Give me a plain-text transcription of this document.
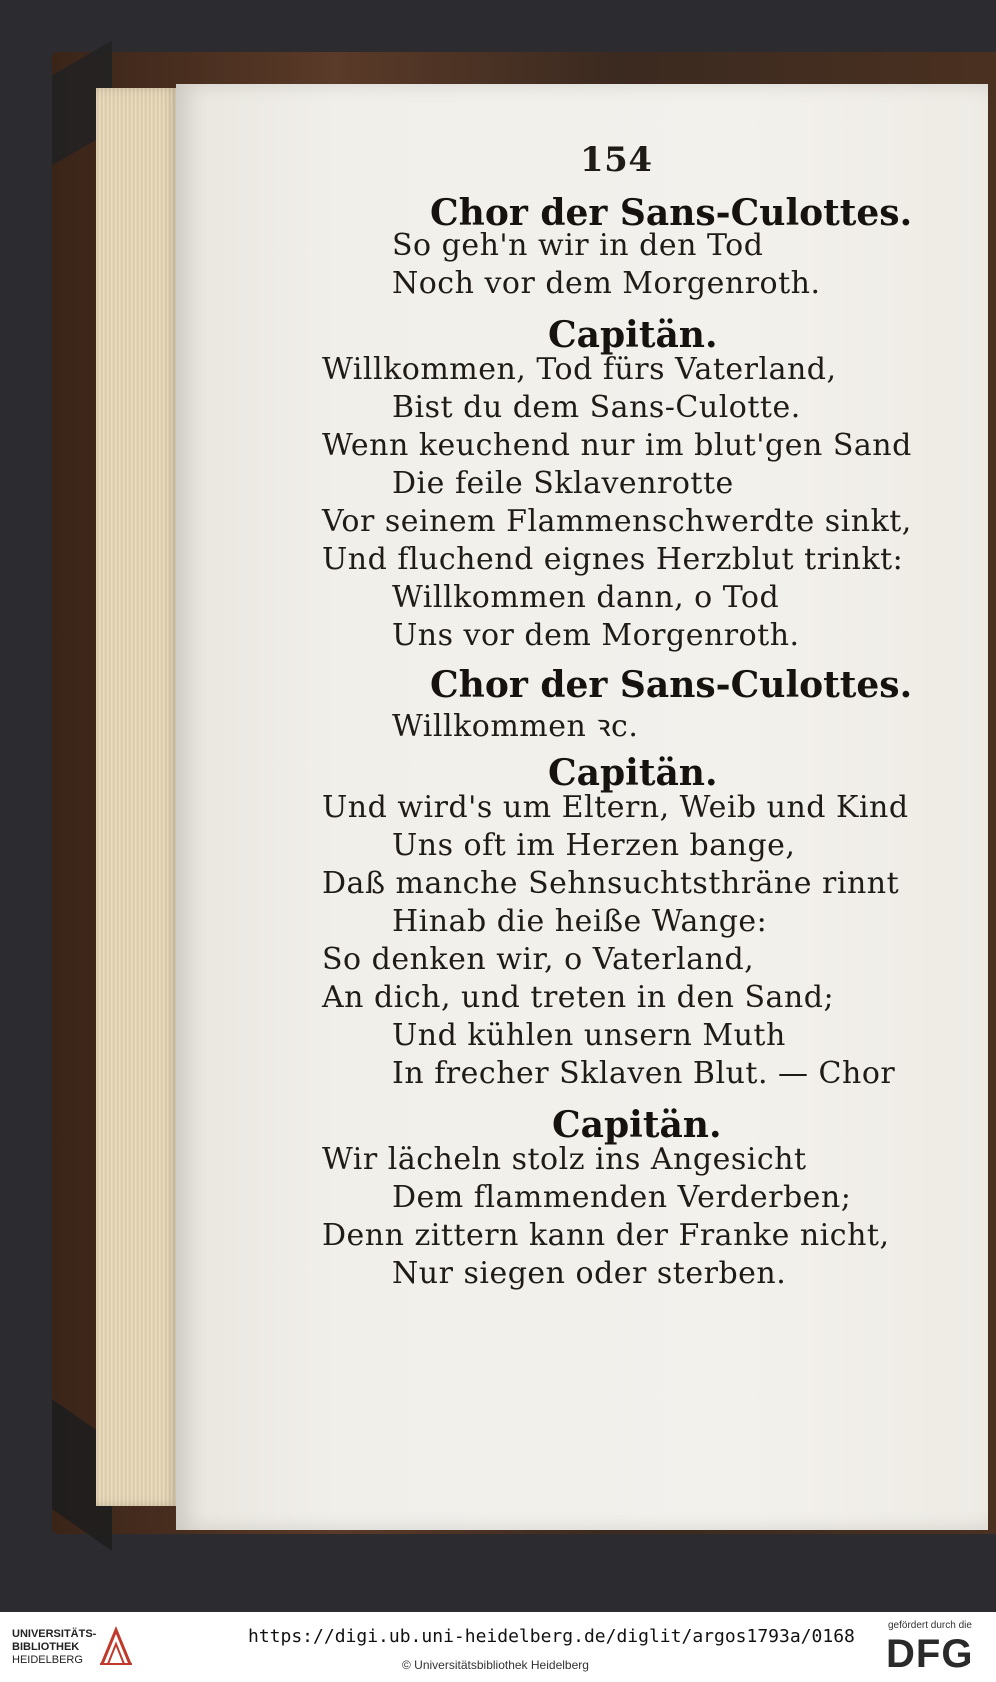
154
Chor der Sans-Culottes.
So geh'n wir in den Tod
Noch vor dem Morgenroth.
Capitän.
Willkommen, Tod fürs Vaterland,
Bist du dem Sans-Culotte.
Wenn keuchend nur im blut'gen Sand
Die feile Sklavenrotte
Vor seinem Flammenschwerdte sinkt,
Und fluchend eignes Herzblut trinkt:
Willkommen dann, o Tod
Uns vor dem Morgenroth.
Chor der Sans-Culottes.
Willkommen ꝛc.
Capitän.
Und wird's um Eltern, Weib und Kind
Uns oft im Herzen bange,
Daß manche Sehnsuchtsthräne rinnt
Hinab die heiße Wange:
So denken wir, o Vaterland,
An dich, und treten in den Sand;
Und kühlen unsern Muth
In frecher Sklaven Blut. — Chor
Capitän.
Wir lächeln stolz ins Angesicht
Dem flammenden Verderben;
Denn zittern kann der Franke nicht,
Nur siegen oder sterben.
UNIVERSITÄTS-
BIBLIOTHEK
HEIDELBERG
https://digi.ub.uni-heidelberg.de/diglit/argos1793a/0168
© Universitätsbibliothek Heidelberg
gefördert durch die
DFG
